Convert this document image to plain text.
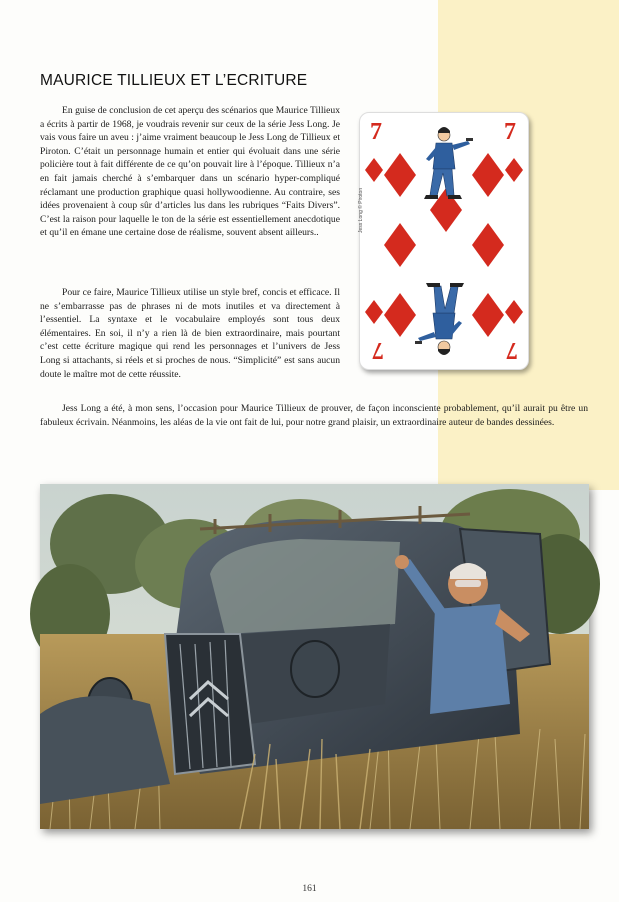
MAURICE TILLIEUX ET L’ECRITURE

En guise de conclusion de cet aperçu des scénarios que Maurice Tillieux a écrits à partir de 1968, je voudrais revenir sur ceux de la série Jess Long. Je vais vous faire un aveu : j’aime vraiment beaucoup le Jess Long de Tillieux et Piroton. C’était un personnage humain et entier qui évoluait dans une série policière tout à fait différente de ce qu’on pouvait lire à l’époque. Tillieux n’a en fait jamais cherché à s’embarquer dans un scénario hyper-compliqué réclamant une production graphique quasi hollywoodienne. Au contraire, ses idées provenaient à coup sûr d’articles lus dans les rubriques “Faits Divers”. C’est la raison pour laquelle le ton de la série est essentiellement anecdotique et qu’il en émane une certaine dose de réalisme, souvent absent ailleurs..

Pour ce faire, Maurice Tillieux utilise un style bref, concis et efficace. Il ne s’embarrasse pas de phrases ni de mots inutiles et va directement à l’essentiel. La syntaxe et le vocabulaire employés sont tous deux élémentaires. En soi, il n’y a rien là de bien extraordinaire, mais pourtant c’est cette écriture magique qui rend les personnages et l’univers de Jess Long si attachants, si réels et si proches de nous. “Simplicité” est sans aucun doute le maître mot de cette réussite.

Jess Long a été, à mon sens, l’occasion pour Maurice Tillieux de prouver, de façon inconsciente probablement, qu’il aurait pu être un fabuleux écrivain. Néanmoins, les aléas de la vie ont fait de lui, pour notre grand plaisir, un extraordinaire auteur de bandes dessinées.

7
7
7
7
Jess Long © Piroton
161
